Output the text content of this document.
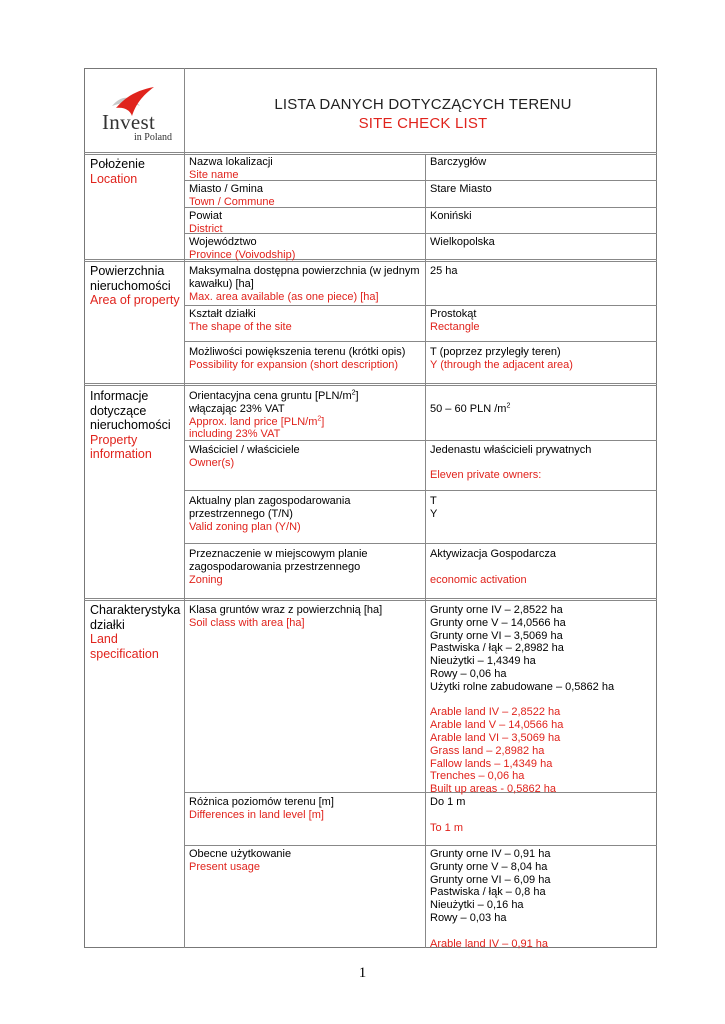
Invest
in Poland
LISTA DANYCH DOTYCZĄCYCH TERENU
SITE CHECK LIST
Położenie
Location
Nazwa lokalizacji
Site name
Barczygłów
Miasto / Gmina
Town / Commune
Stare Miasto
Powiat
District
Koniński
Województwo
Province (Voivodship)
Wielkopolska
Powierzchnia
nieruchomości
Area of property
Maksymalna dostępna powierzchnia (w jednym
kawałku) [ha]
Max. area available (as one piece) [ha]
25 ha
Kształt działki
The shape of the site
Prostokąt
Rectangle
Możliwości powiększenia terenu (krótki opis)
Possibility for expansion (short description)
T (poprzez przyległy teren)
Y (through the adjacent area)
Informacje
dotyczące
nieruchomości
Property
information
Orientacyjna cena gruntu $[PLN/m^2]$
włączając 23% VAT
Approx. land price $[PLN/m^2]$
including 23% VAT
50 – 60 PLN $/m^2$
Właściciel / właściciele
Owner(s)
Jedenastu właścicieli prywatnych
Eleven private owners:
Aktualny plan zagospodarowania
przestrzennego (T/N)
Valid zoning plan (Y/N)
T
Y
Przeznaczenie w miejscowym planie
zagospodarowania przestrzennego
Zoning
Aktywizacja Gospodarcza
economic activation
Charakterystyka
działki
Land
specification
Klasa gruntów wraz z powierzchnią [ha]
Soil class with area [ha]
Grunty orne IV – 2,8522 ha
Grunty orne V – 14,0566 ha
Grunty orne VI – 3,5069 ha
Pastwiska / łąk – 2,8982 ha
Nieużytki – 1,4349 ha
Rowy – 0,06 ha
Użytki rolne zabudowane – 0,5862 ha
Arable land IV – 2,8522 ha
Arable land V – 14,0566 ha
Arable land VI – 3,5069 ha
Grass land – 2,8982 ha
Fallow lands – 1,4349 ha
Trenches – 0,06 ha
Built up areas - 0,5862 ha
Różnica poziomów terenu [m]
Differences in land level [m]
Do 1 m
To 1 m
Obecne użytkowanie
Present usage
Grunty orne IV – 0,91 ha
Grunty orne V – 8,04 ha
Grunty orne VI – 6,09 ha
Pastwiska / łąk – 0,8 ha
Nieużytki – 0,16 ha
Rowy – 0,03 ha
Arable land IV – 0,91 ha
1
